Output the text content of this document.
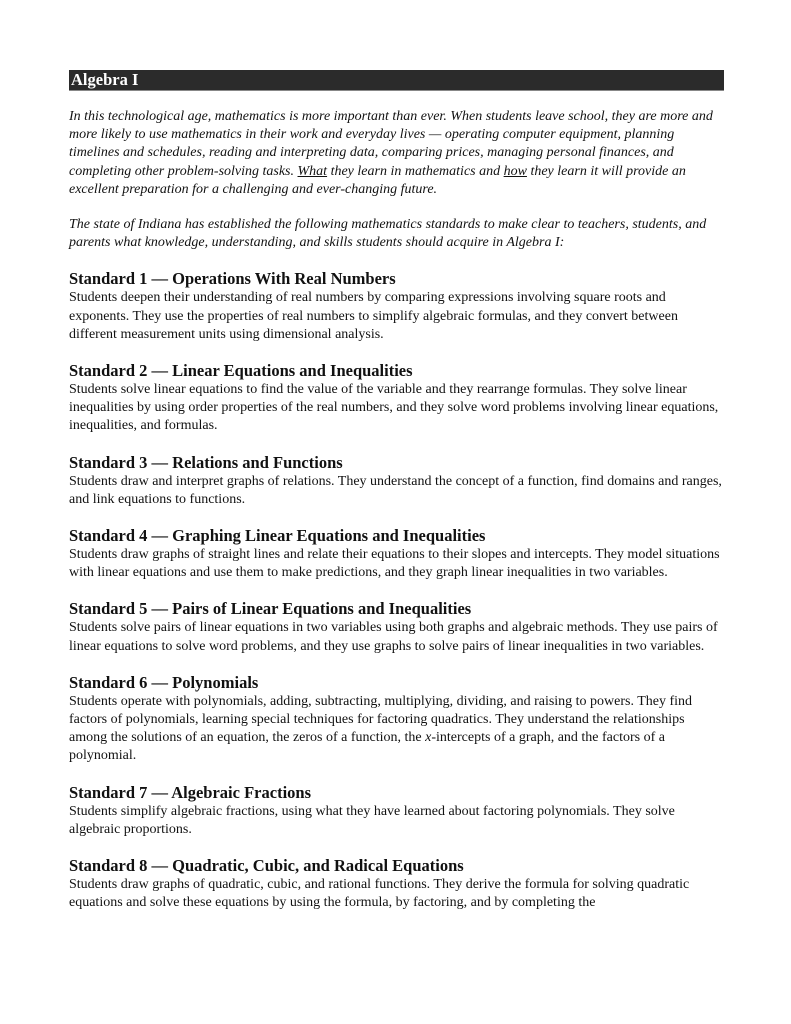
Algebra I

In this technological age, mathematics is more important than ever. When students leave school, they are more and more likely to use mathematics in their work and everyday lives — operating computer equipment, planning timelines and schedules, reading and interpreting data, comparing prices, managing personal finances, and completing other problem-solving tasks. What they learn in mathematics and how they learn it will provide an excellent preparation for a challenging and ever-changing future.

The state of Indiana has established the following mathematics standards to make clear to teachers, students, and parents what knowledge, understanding, and skills students should acquire in Algebra I:

Standard 1 — Operations With Real Numbers

Students deepen their understanding of real numbers by comparing expressions involving square roots and exponents. They use the properties of real numbers to simplify algebraic formulas, and they convert between different measurement units using dimensional analysis.

Standard 2 — Linear Equations and Inequalities

Students solve linear equations to find the value of the variable and they rearrange formulas. They solve linear inequalities by using order properties of the real numbers, and they solve word problems involving linear equations, inequalities, and formulas.

Standard 3 — Relations and Functions

Students draw and interpret graphs of relations. They understand the concept of a function, find domains and ranges, and link equations to functions.

Standard 4 — Graphing Linear Equations and Inequalities

Students draw graphs of straight lines and relate their equations to their slopes and intercepts. They model situations with linear equations and use them to make predictions, and they graph linear inequalities in two variables.

Standard 5 — Pairs of Linear Equations and Inequalities

Students solve pairs of linear equations in two variables using both graphs and algebraic methods. They use pairs of linear equations to solve word problems, and they use graphs to solve pairs of linear inequalities in two variables.

Standard 6 — Polynomials

Students operate with polynomials, adding, subtracting, multiplying, dividing, and raising to powers. They find factors of polynomials, learning special techniques for factoring quadratics. They understand the relationships among the solutions of an equation, the zeros of a function, the x-intercepts of a graph, and the factors of a polynomial.

Standard 7 — Algebraic Fractions

Students simplify algebraic fractions, using what they have learned about factoring polynomials. They solve algebraic proportions.

Standard 8 — Quadratic, Cubic, and Radical Equations

Students draw graphs of quadratic, cubic, and rational functions. They derive the formula for solving quadratic equations and solve these equations by using the formula, by factoring, and by completing the
